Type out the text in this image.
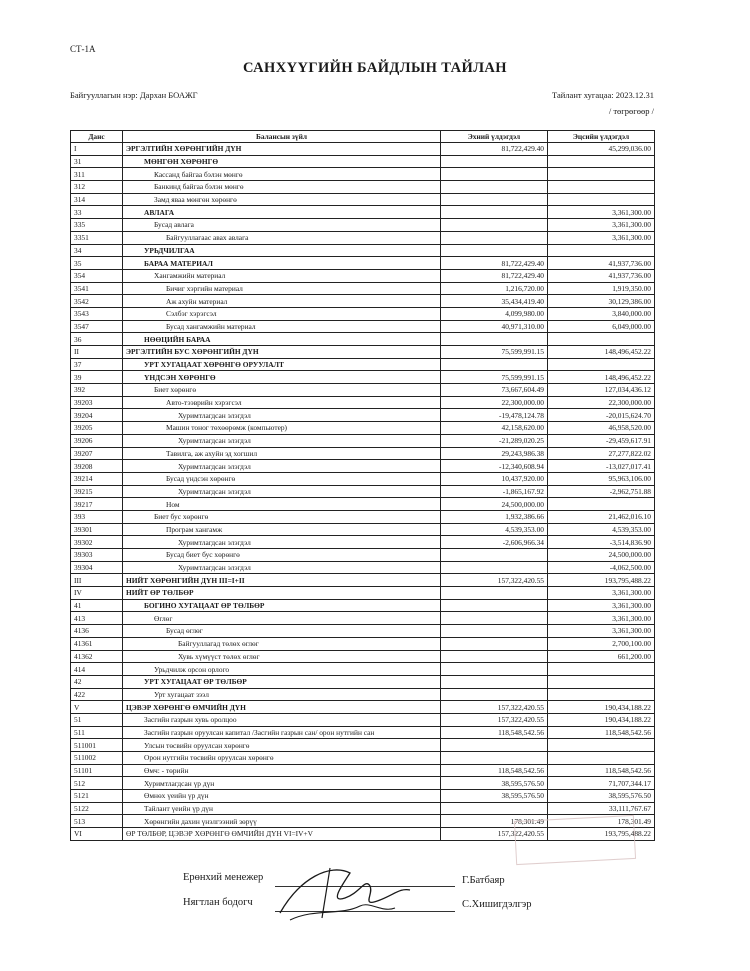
СТ-1А
САНХҮҮГИЙН БАЙДЛЫН ТАЙЛАН
Байгууллагын нэр: Дархан БОАЖГ	Тайлант хугацаа: 2023.12.31
/ төгрөгөөр /
Данс	Балансын зүйл	Эхний үлдэгдэл	Эцсийн үлдэгдэл
I	ЭРГЭЛТИЙН ХӨРӨНГИЙН ДҮН	81,722,429.40	45,299,036.00
31	МӨНГӨН ХӨРӨНГӨ		
311	Кассанд байгаа бэлэн мөнгө		
312	Банкинд байгаа бэлэн мөнгө		
314	Замд яваа мөнгөн хөрөнгө		
33	АВЛАГА		3,361,300.00
335	Бусад авлага		3,361,300.00
3351	Байгууллагаас авах авлага		3,361,300.00
34	УРЬДЧИЛГАА		
35	БАРАА МАТЕРИАЛ	81,722,429.40	41,937,736.00
354	Хангамжийн материал	81,722,429.40	41,937,736.00
3541	Бичиг хэргийн материал	1,216,720.00	1,919,350.00
3542	Аж ахуйн материал	35,434,419.40	30,129,386.00
3543	Сэлбэг хэрэгсэл	4,099,980.00	3,840,000.00
3547	Бусад хангамжийн материал	40,971,310.00	6,049,000.00
36	НӨӨЦИЙН БАРАА		
II	ЭРГЭЛТИЙН БУС ХӨРӨНГИЙН ДҮН	75,599,991.15	148,496,452.22
37	УРТ ХУГАЦААТ ХӨРӨНГӨ ОРУУЛАЛТ		
39	ҮНДСЭН ХӨРӨНГӨ	75,599,991.15	148,496,452.22
392	Биет хөрөнгө	73,667,604.49	127,034,436.12
39203	Авто-тээврийн хэрэгсэл	22,300,000.00	22,300,000.00
39204	Хуримтлагдсан элэгдэл	-19,478,124.78	-20,015,624.70
39205	Машин тоног төхөөрөмж (компьютер)	42,158,620.00	46,958,520.00
39206	Хуримтлагдсан элэгдэл	-21,289,020.25	-29,459,617.91
39207	Тавилга, аж ахуйн эд хогшил	29,243,986.38	27,277,822.02
39208	Хуримтлагдсан элэгдэл	-12,340,608.94	-13,027,017.41
39214	Бусад үндсэн хөрөнгө	10,437,920.00	95,963,106.00
39215	Хуримтлагдсан элэгдэл	-1,865,167.92	-2,962,751.88
39217	Ном	24,500,000.00	
393	Биет бус хөрөнгө	1,932,386.66	21,462,016.10
39301	Програм хангамж	4,539,353.00	4,539,353.00
39302	Хуримтлагдсан элэгдэл	-2,606,966.34	-3,514,836.90
39303	Бусад биет бус хөрөнгө		24,500,000.00
39304	Хуримтлагдсан элэгдэл		-4,062,500.00
III	НИЙТ ХӨРӨНГИЙН ДҮН III=I+II	157,322,420.55	193,795,488.22
IV	НИЙТ ӨР ТӨЛБӨР		3,361,300.00
41	БОГИНО ХУГАЦААТ ӨР ТӨЛБӨР		3,361,300.00
413	Өглөг		3,361,300.00
4136	Бусад өглөг		3,361,300.00
41361	Байгууллагад төлөх өглөг		2,700,100.00
41362	Хувь хүмүүст төлөх өглөг		661,200.00
414	Урьдчилж орсон орлого		
42	УРТ ХУГАЦААТ ӨР ТӨЛБӨР		
422	Урт хугацаат зээл		
V	ЦЭВЭР ХӨРӨНГӨ ӨМЧИЙН ДҮН	157,322,420.55	190,434,188.22
51	Засгийн газрын хувь оролцоо	157,322,420.55	190,434,188.22
511	Засгийн газрын оруулсан капитал /Засгийн газрын сан/ орон нутгийн сан	118,548,542.56	118,548,542.56
511001	Улсын төсвийн оруулсан хөрөнгө		
511002	Орон нутгийн төсвийн оруулсан хөрөнгө		
51101	Өмч: - төрийн	118,548,542.56	118,548,542.56
512	Хуримтлагдсан үр дүн	38,595,576.50	71,707,344.17
5121	Өмнөх үеийн үр дүн	38,595,576.50	38,595,576.50
5122	Тайлант үеийн үр дүн		33,111,767.67
513	Хөрөнгийн дахин үнэлгээний зөрүү	178,301.49	178,301.49
VI	ӨР ТӨЛБӨР, ЦЭВЭР ХӨРӨНГӨ ӨМЧИЙН ДҮН VI=IV+V	157,322,420.55	193,795,488.22

Ерөнхий менежер	Г.Батбаяр
Нягтлан бодогч	С.Хишигдэлгэр
